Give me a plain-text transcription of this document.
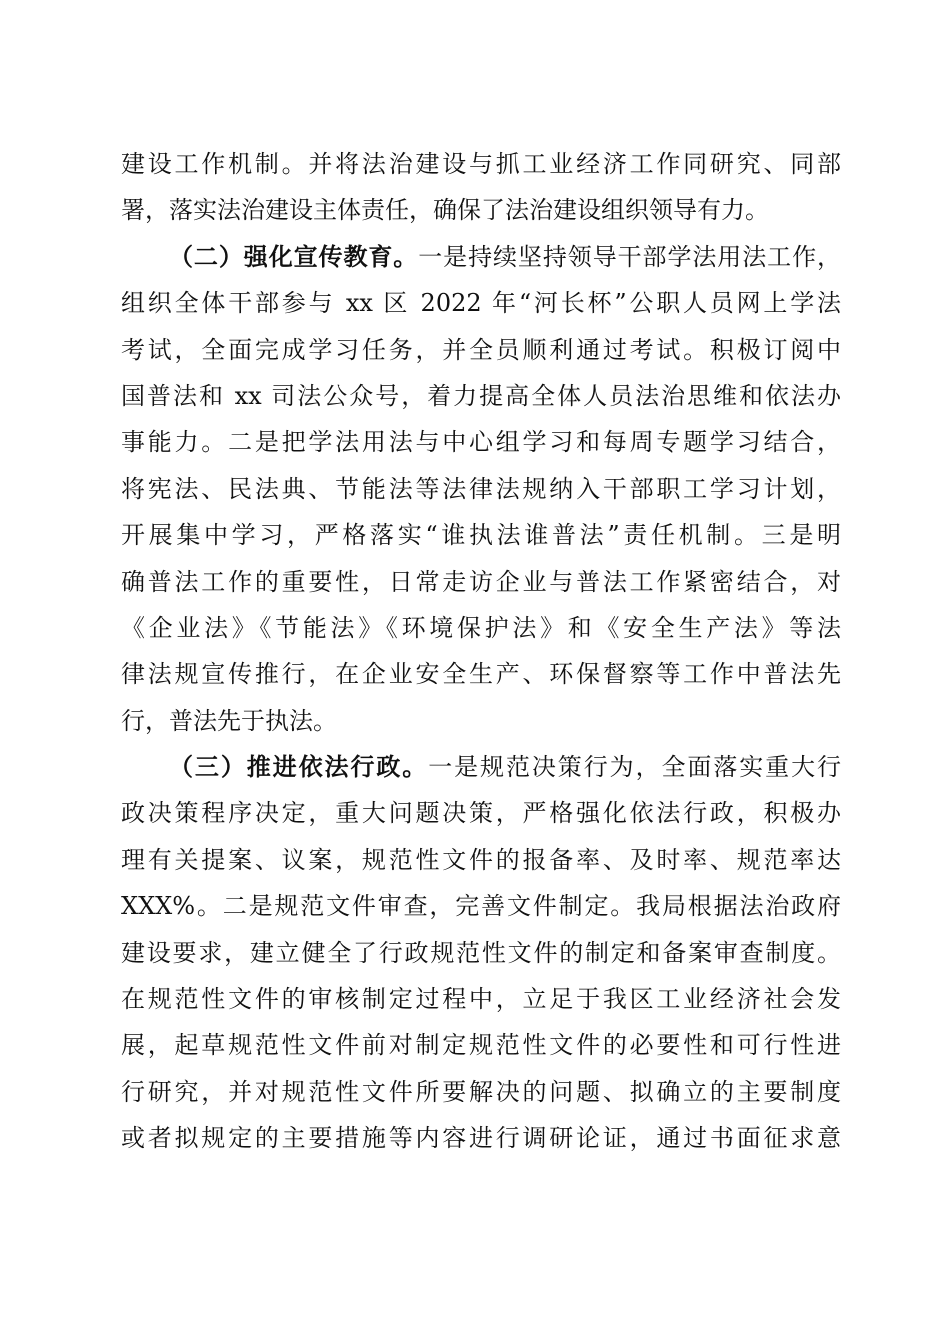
建设工作机制。并将法治建设与抓工业经济工作同研究、同部
署，落实法治建设主体责任，确保了法治建设组织领导有力。
（二）强化宣传教育。一是持续坚持领导干部学法用法工作，
组织全体干部参与 xx 区 2022 年“河长杯”公职人员网上学法
考试，全面完成学习任务，并全员顺利通过考试。积极订阅中
国普法和 xx 司法公众号，着力提高全体人员法治思维和依法办
事能力。二是把学法用法与中心组学习和每周专题学习结合，
将宪法、民法典、节能法等法律法规纳入干部职工学习计划，
开展集中学习，严格落实“谁执法谁普法”责任机制。三是明
确普法工作的重要性，日常走访企业与普法工作紧密结合，对
《企业法》《节能法》《环境保护法》和《安全生产法》等法
律法规宣传推行，在企业安全生产、环保督察等工作中普法先
行，普法先于执法。
（三）推进依法行政。一是规范决策行为，全面落实重大行
政决策程序决定，重大问题决策，严格强化依法行政，积极办
理有关提案、议案，规范性文件的报备率、及时率、规范率达
XXX%。二是规范文件审查，完善文件制定。我局根据法治政府
建设要求，建立健全了行政规范性文件的制定和备案审查制度。
在规范性文件的审核制定过程中，立足于我区工业经济社会发
展，起草规范性文件前对制定规范性文件的必要性和可行性进
行研究，并对规范性文件所要解决的问题、拟确立的主要制度
或者拟规定的主要措施等内容进行调研论证，通过书面征求意
